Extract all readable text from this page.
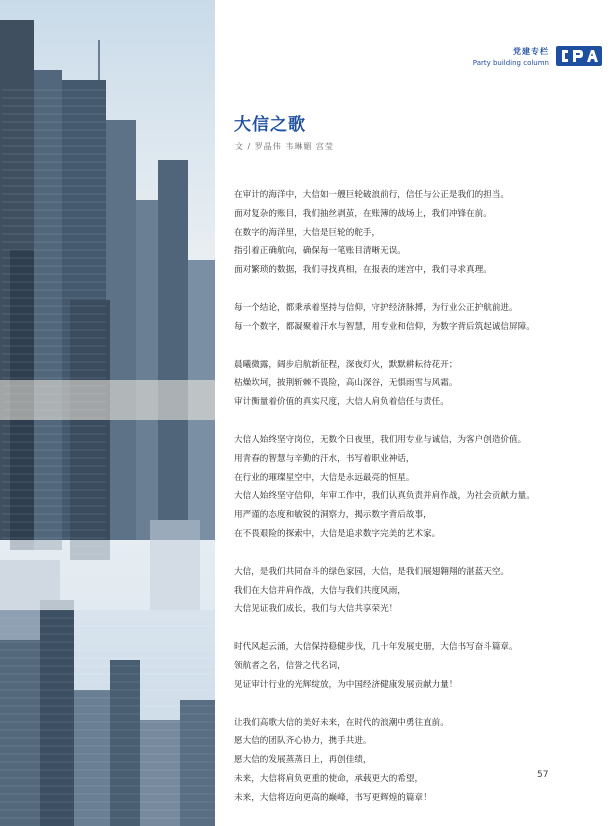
党建专栏
Party building column
大信之歌
文 / 罗晶伟 韦琳媚 宫莹
在审计的海洋中，大信如一艘巨轮破浪前行，信任与公正是我们的担当。
面对复杂的账目，我们抽丝剥茧，在账簿的战场上，我们冲锋在前。
在数字的海洋里，大信是巨轮的舵手，
指引着正确航向，确保每一笔账目清晰无误。
面对繁琐的数据，我们寻找真相，在报表的迷宫中，我们寻求真理。
每一个结论，都秉承着坚持与信仰，守护经济脉搏，为行业公正护航前进。
每一个数字，都凝聚着汗水与智慧，用专业和信仰，为数字背后筑起诚信屏障。
晨曦微露，阔步启航新征程，深夜灯火，默默耕耘待花开；
枯燥坎坷，披荆斩棘不畏险，高山深谷，无惧雨雪与风霜。
审计衡量着价值的真实尺度，大信人肩负着信任与责任。
大信人始终坚守岗位，无数个日夜里，我们用专业与诚信，为客户创造价值。
用青春的智慧与辛勤的汗水，书写着职业神话，
在行业的璀璨星空中，大信是永远最亮的恒星。
大信人始终坚守信仰，年审工作中，我们认真负责并肩作战，为社会贡献力量。
用严谨的态度和敏锐的洞察力，揭示数字背后故事，
在不畏艰险的探索中，大信是追求数字完美的艺术家。
大信，是我们共同奋斗的绿色家园，大信，是我们展翅翱翔的湛蓝天空。
我们在大信并肩作战，大信与我们共度风雨，
大信见证我们成长，我们与大信共享荣光！
时代风起云涌，大信保持稳健步伐，几十年发展史册，大信书写奋斗篇章。
领航者之名，信誉之代名词，
见证审计行业的光辉绽放，为中国经济健康发展贡献力量！
让我们高歌大信的美好未来，在时代的浪潮中勇往直前。
愿大信的团队齐心协力，携手共进。
愿大信的发展蒸蒸日上，再创佳绩，
未来，大信将肩负更重的使命，承载更大的希望，
未来，大信将迈向更高的巅峰，书写更辉煌的篇章！
57
